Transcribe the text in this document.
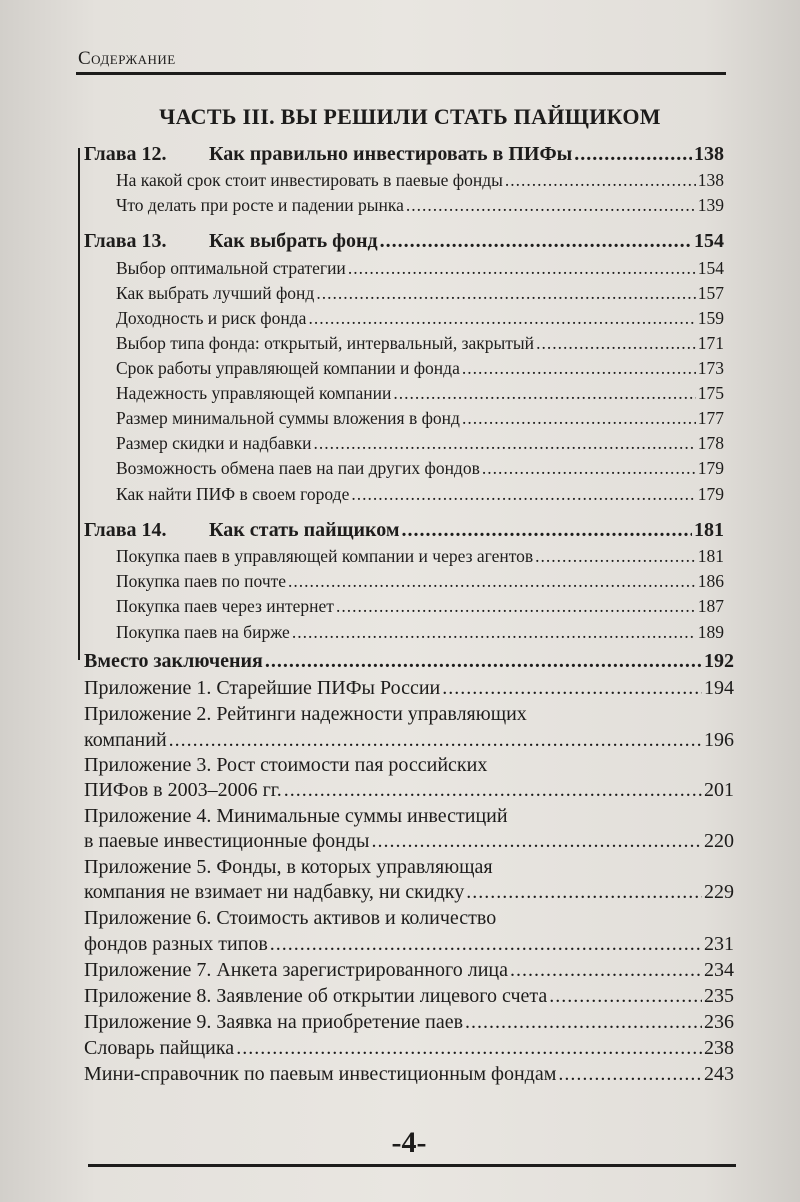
Содержание
ЧАСТЬ III. ВЫ РЕШИЛИ СТАТЬ ПАЙЩИКОМ
Глава 12. Как правильно инвестировать в ПИФы .....	138
На какой срок стоит инвестировать в паевые фонды .....	138
Что делать при росте и падении рынка .....	139
Глава 13. Как выбрать фонд .....	154
Выбор оптимальной стратегии .....	154
Как выбрать лучший фонд .....	157
Доходность и риск фонда .....	159
Выбор типа фонда: открытый, интервальный, закрытый .....	171
Срок работы управляющей компании и фонда .....	173
Надежность управляющей компании .....	175
Размер минимальной суммы вложения в фонд .....	177
Размер скидки и надбавки .....	178
Возможность обмена паев на паи других фондов .....	179
Как найти ПИФ в своем городе .....	179
Глава 14. Как стать пайщиком .....	181
Покупка паев в управляющей компании и через агентов .....	181
Покупка паев по почте .....	186
Покупка паев через интернет .....	187
Покупка паев на бирже .....	189
Вместо заключения .....	192
Приложение 1. Старейшие ПИФы России .....	194
Приложение 2. Рейтинги надежности управляющих
компаний .....	196
Приложение 3. Рост стоимости пая российских
ПИФов в 2003–2006 гг. .....	201
Приложение 4. Минимальные суммы инвестиций
в паевые инвестиционные фонды .....	220
Приложение 5. Фонды, в которых управляющая
компания не взимает ни надбавку, ни скидку .....	229
Приложение 6. Стоимость активов и количество
фондов разных типов .....	231
Приложение 7. Анкета зарегистрированного лица .....	234
Приложение 8. Заявление об открытии лицевого счета .....	235
Приложение 9. Заявка на приобретение паев .....	236
Словарь пайщика .....	238
Мини-справочник по паевым инвестиционным фондам .....	243
-4-
